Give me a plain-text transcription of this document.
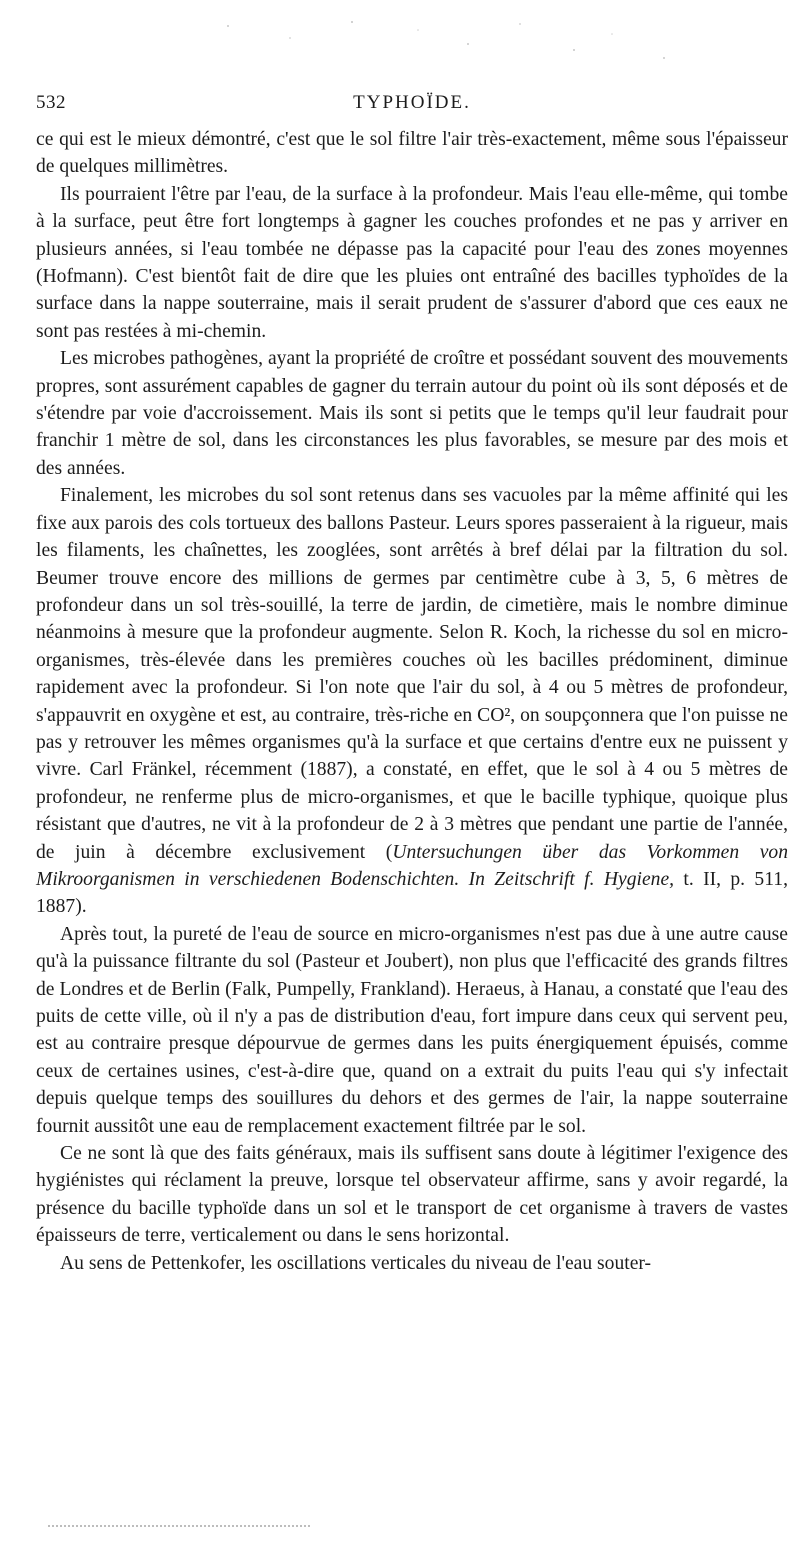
532	TYPHOÏDE.

ce qui est le mieux démontré, c'est que le sol filtre l'air très-exactement, même sous l'épaisseur de quelques millimètres.

Ils pourraient l'être par l'eau, de la surface à la profondeur. Mais l'eau elle-même, qui tombe à la surface, peut être fort longtemps à gagner les couches profondes et ne pas y arriver en plusieurs années, si l'eau tombée ne dépasse pas la capacité pour l'eau des zones moyennes (Hofmann). C'est bientôt fait de dire que les pluies ont entraîné des bacilles typhoïdes de la surface dans la nappe souterraine, mais il serait prudent de s'assurer d'abord que ces eaux ne sont pas restées à mi-chemin.

Les microbes pathogènes, ayant la propriété de croître et possédant souvent des mouvements propres, sont assurément capables de gagner du terrain autour du point où ils sont déposés et de s'étendre par voie d'accroissement. Mais ils sont si petits que le temps qu'il leur faudrait pour franchir 1 mètre de sol, dans les circonstances les plus favorables, se mesure par des mois et des années.

Finalement, les microbes du sol sont retenus dans ses vacuoles par la même affinité qui les fixe aux parois des cols tortueux des ballons Pasteur. Leurs spores passeraient à la rigueur, mais les filaments, les chaînettes, les zooglées, sont arrêtés à bref délai par la filtration du sol. Beumer trouve encore des millions de germes par centimètre cube à 3, 5, 6 mètres de profondeur dans un sol très-souillé, la terre de jardin, de cimetière, mais le nombre diminue néanmoins à mesure que la profondeur augmente. Selon R. Koch, la richesse du sol en micro-organismes, très-élevée dans les premières couches où les bacilles prédominent, diminue rapidement avec la profondeur. Si l'on note que l'air du sol, à 4 ou 5 mètres de profondeur, s'appauvrit en oxygène et est, au contraire, très-riche en CO², on soupçonnera que l'on puisse ne pas y retrouver les mêmes organismes qu'à la surface et que certains d'entre eux ne puissent y vivre. Carl Fränkel, récemment (1887), a constaté, en effet, que le sol à 4 ou 5 mètres de profondeur, ne renferme plus de micro-organismes, et que le bacille typhique, quoique plus résistant que d'autres, ne vit à la profondeur de 2 à 3 mètres que pendant une partie de l'année, de juin à décembre exclusivement (Untersuchungen über das Vorkommen von Mikroorganismen in verschiedenen Bodenschichten. In Zeitschrift f. Hygiene, t. II, p. 511, 1887).

Après tout, la pureté de l'eau de source en micro-organismes n'est pas due à une autre cause qu'à la puissance filtrante du sol (Pasteur et Joubert), non plus que l'efficacité des grands filtres de Londres et de Berlin (Falk, Pumpelly, Frankland). Heraeus, à Hanau, a constaté que l'eau des puits de cette ville, où il n'y a pas de distribution d'eau, fort impure dans ceux qui servent peu, est au contraire presque dépourvue de germes dans les puits énergiquement épuisés, comme ceux de certaines usines, c'est-à-dire que, quand on a extrait du puits l'eau qui s'y infectait depuis quelque temps des souillures du dehors et des germes de l'air, la nappe souterraine fournit aussitôt une eau de remplacement exactement filtrée par le sol.

Ce ne sont là que des faits généraux, mais ils suffisent sans doute à légitimer l'exigence des hygiénistes qui réclament la preuve, lorsque tel observateur affirme, sans y avoir regardé, la présence du bacille typhoïde dans un sol et le transport de cet organisme à travers de vastes épaisseurs de terre, verticalement ou dans le sens horizontal.

Au sens de Pettenkofer, les oscillations verticales du niveau de l'eau souter-
